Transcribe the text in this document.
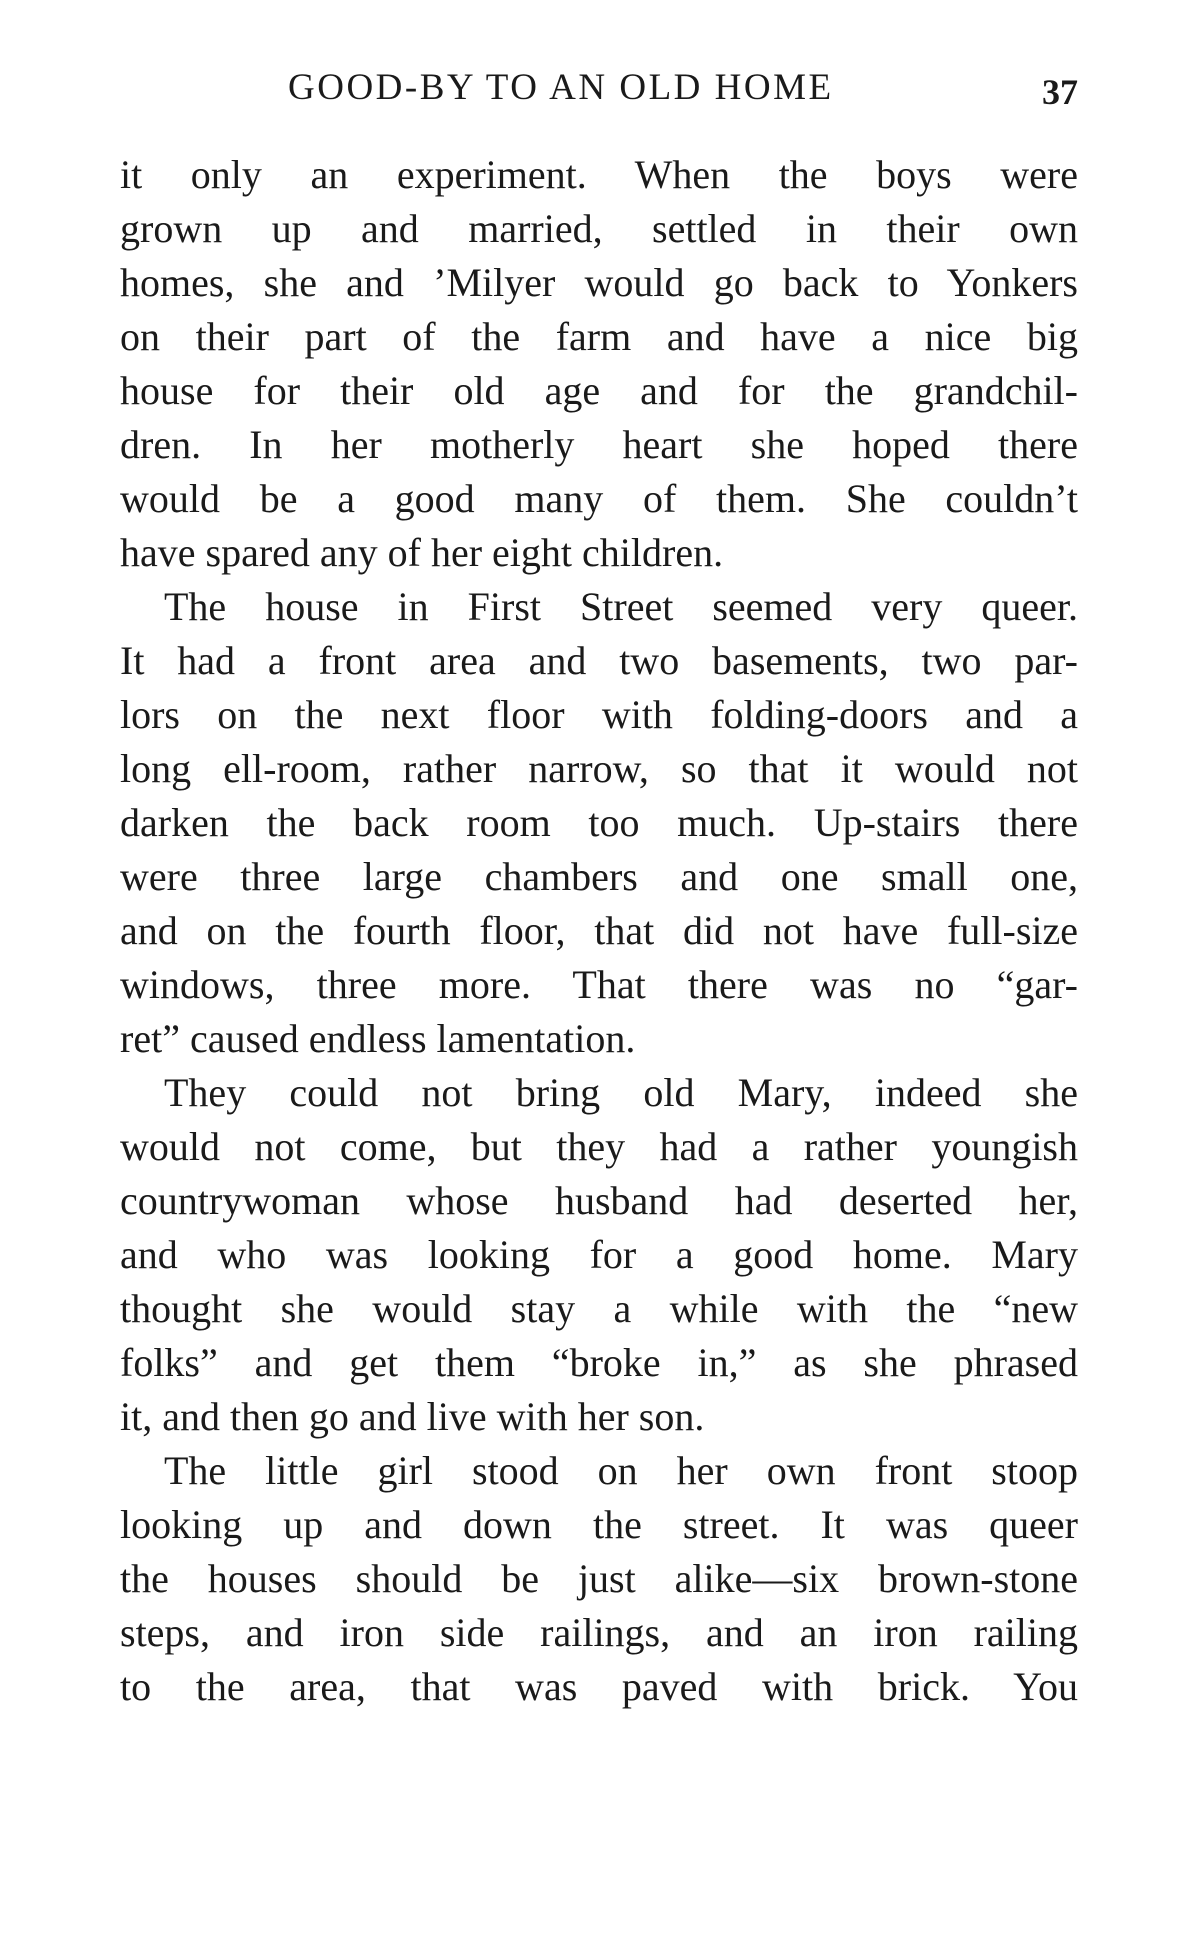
GOOD-BY TO AN OLD HOME	37
it only an experiment. When the boys were
grown up and married, settled in their own
homes, she and ’Milyer would go back to Yonkers
on their part of the farm and have a nice big
house for their old age and for the grandchil-
dren. In her motherly heart she hoped there
would be a good many of them. She couldn’t
have spared any of her eight children.
The house in First Street seemed very queer.
It had a front area and two basements, two par-
lors on the next floor with folding-doors and a
long ell-room, rather narrow, so that it would not
darken the back room too much. Up-stairs there
were three large chambers and one small one,
and on the fourth floor, that did not have full-size
windows, three more. That there was no “gar-
ret” caused endless lamentation.
They could not bring old Mary, indeed she
would not come, but they had a rather youngish
countrywoman whose husband had deserted her,
and who was looking for a good home. Mary
thought she would stay a while with the “new
folks” and get them “broke in,” as she phrased
it, and then go and live with her son.
The little girl stood on her own front stoop
looking up and down the street. It was queer
the houses should be just alike—six brown-stone
steps, and iron side railings, and an iron railing
to the area, that was paved with brick. You
